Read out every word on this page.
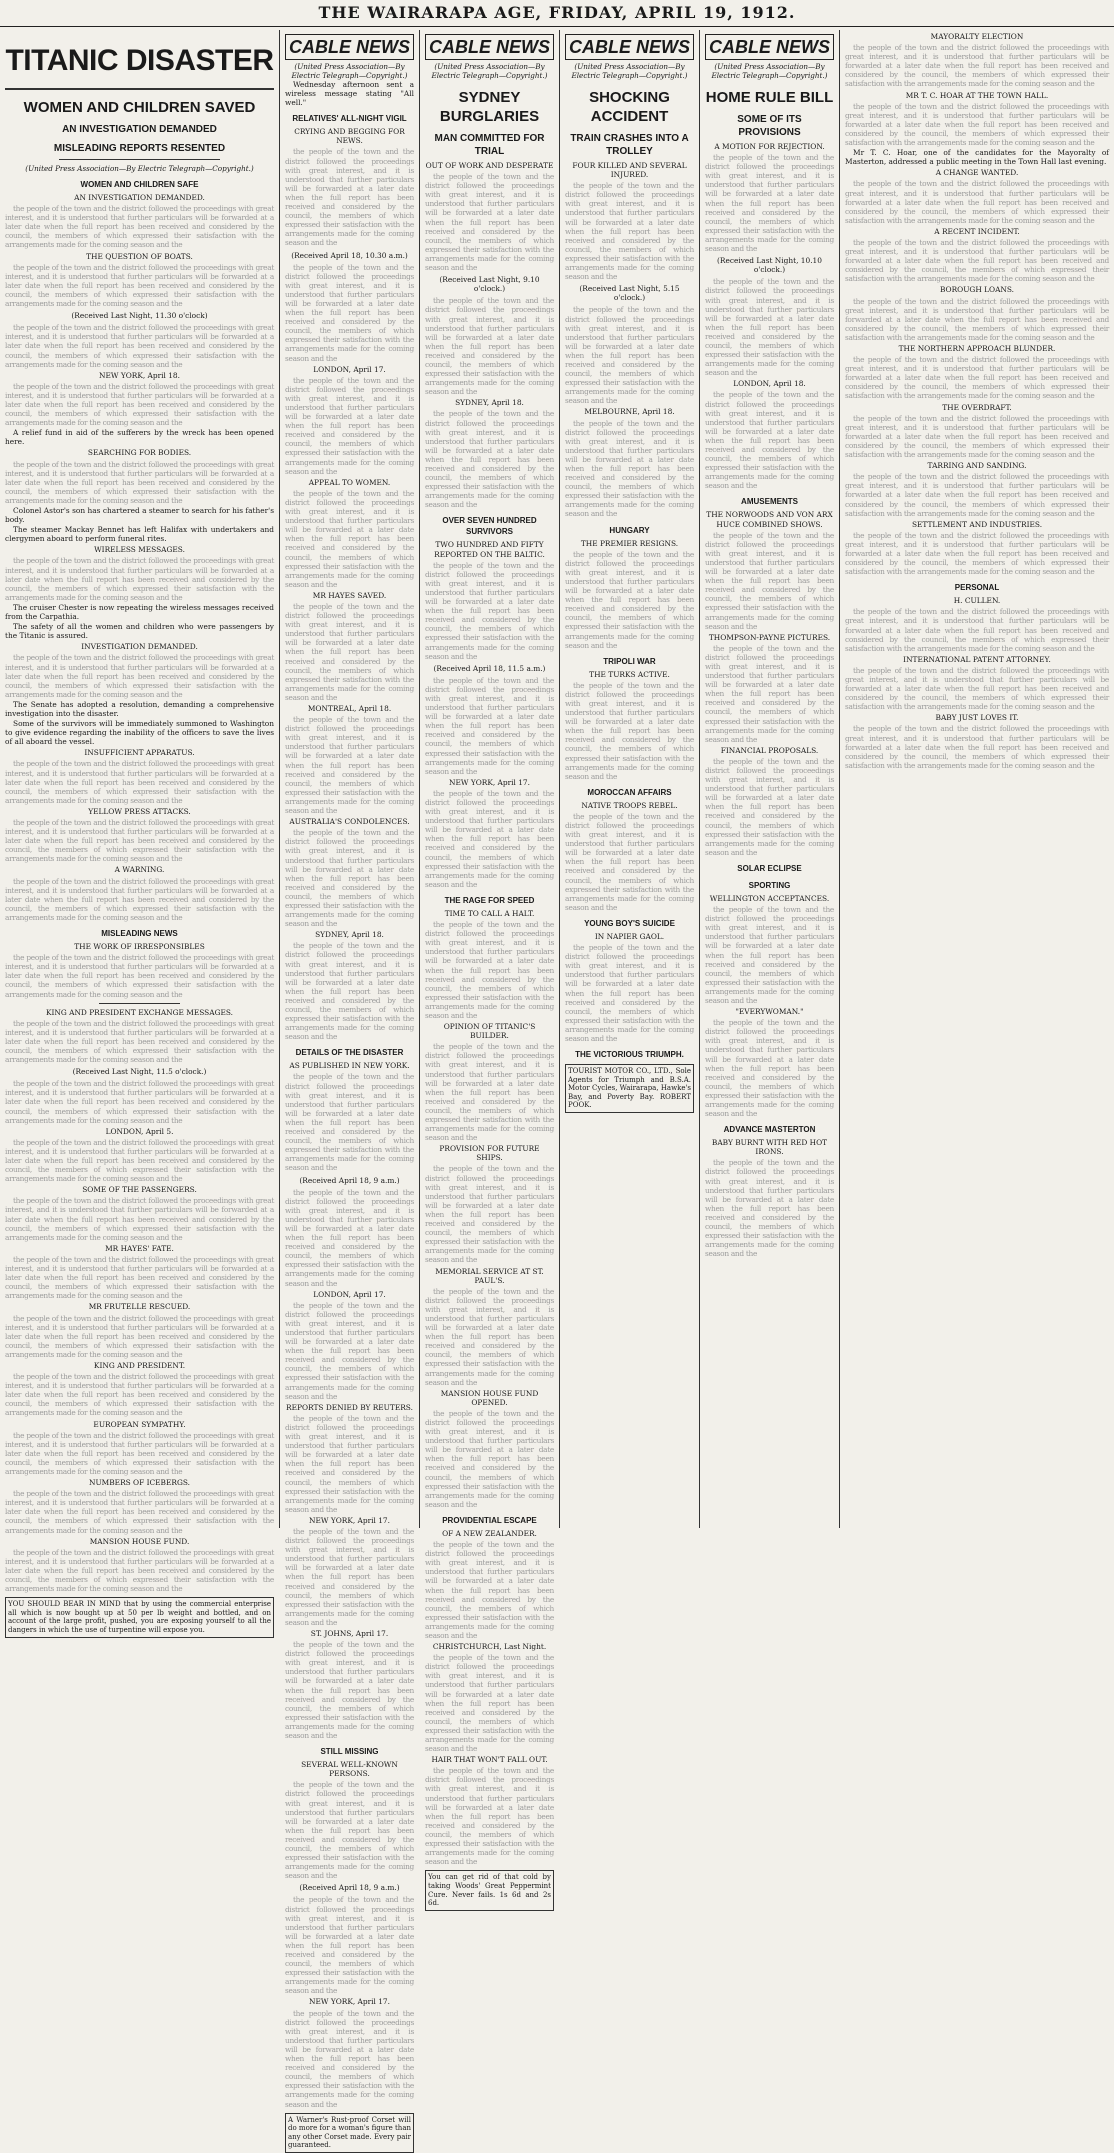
THE WAIRARAPA AGE, FRIDAY, APRIL 19, 1912.
TITANIC DISASTER
WOMEN AND CHILDREN SAVED
AN INVESTIGATION DEMANDED
MISLEADING REPORTS RESENTED
(United Press Association—By Electric Telegraph—Copyright.)
WOMEN AND CHILDREN SAFE
AN INVESTIGATION DEMANDED.

the people of the town and the district followed the proceedings with great interest, and it is understood that further particulars will be forwarded at a later date when the full report has been received and considered by the council, the members of which expressed their satisfaction with the arrangements made for the coming season and the

THE QUESTION OF BOATS.

the people of the town and the district followed the proceedings with great interest, and it is understood that further particulars will be forwarded at a later date when the full report has been received and considered by the council, the members of which expressed their satisfaction with the arrangements made for the coming season and the

(Received Last Night, 11.30 o'clock)

the people of the town and the district followed the proceedings with great interest, and it is understood that further particulars will be forwarded at a later date when the full report has been received and considered by the council, the members of which expressed their satisfaction with the arrangements made for the coming season and the

NEW YORK, April 18.

the people of the town and the district followed the proceedings with great interest, and it is understood that further particulars will be forwarded at a later date when the full report has been received and considered by the council, the members of which expressed their satisfaction with the arrangements made for the coming season and the

A relief fund in aid of the sufferers by the wreck has been opened here.

SEARCHING FOR BODIES.

the people of the town and the district followed the proceedings with great interest, and it is understood that further particulars will be forwarded at a later date when the full report has been received and considered by the council, the members of which expressed their satisfaction with the arrangements made for the coming season and the

Colonel Astor's son has chartered a steamer to search for his father's body.

The steamer Mackay Bennet has left Halifax with undertakers and clergymen aboard to perform funeral rites.

WIRELESS MESSAGES.

the people of the town and the district followed the proceedings with great interest, and it is understood that further particulars will be forwarded at a later date when the full report has been received and considered by the council, the members of which expressed their satisfaction with the arrangements made for the coming season and the

The cruiser Chester is now repeating the wireless messages received from the Carpathia.

The safety of all the women and children who were passengers by the Titanic is assured.

INVESTIGATION DEMANDED.

the people of the town and the district followed the proceedings with great interest, and it is understood that further particulars will be forwarded at a later date when the full report has been received and considered by the council, the members of which expressed their satisfaction with the arrangements made for the coming season and the

The Senate has adopted a resolution, demanding a comprehensive investigation into the disaster.

Some of the survivors will be immediately summoned to Washington to give evidence regarding the inability of the officers to save the lives of all aboard the vessel.

INSUFFICIENT APPARATUS.

the people of the town and the district followed the proceedings with great interest, and it is understood that further particulars will be forwarded at a later date when the full report has been received and considered by the council, the members of which expressed their satisfaction with the arrangements made for the coming season and the

YELLOW PRESS ATTACKS.

the people of the town and the district followed the proceedings with great interest, and it is understood that further particulars will be forwarded at a later date when the full report has been received and considered by the council, the members of which expressed their satisfaction with the arrangements made for the coming season and the

A WARNING.

the people of the town and the district followed the proceedings with great interest, and it is understood that further particulars will be forwarded at a later date when the full report has been received and considered by the council, the members of which expressed their satisfaction with the arrangements made for the coming season and the

MISLEADING NEWS
THE WORK OF IRRESPONSIBLES

the people of the town and the district followed the proceedings with great interest, and it is understood that further particulars will be forwarded at a later date when the full report has been received and considered by the council, the members of which expressed their satisfaction with the arrangements made for the coming season and the

KING AND PRESIDENT EXCHANGE MESSAGES.

the people of the town and the district followed the proceedings with great interest, and it is understood that further particulars will be forwarded at a later date when the full report has been received and considered by the council, the members of which expressed their satisfaction with the arrangements made for the coming season and the

(Received Last Night, 11.5 o'clock.)

the people of the town and the district followed the proceedings with great interest, and it is understood that further particulars will be forwarded at a later date when the full report has been received and considered by the council, the members of which expressed their satisfaction with the arrangements made for the coming season and the

LONDON, April 5.

the people of the town and the district followed the proceedings with great interest, and it is understood that further particulars will be forwarded at a later date when the full report has been received and considered by the council, the members of which expressed their satisfaction with the arrangements made for the coming season and the

SOME OF THE PASSENGERS.

the people of the town and the district followed the proceedings with great interest, and it is understood that further particulars will be forwarded at a later date when the full report has been received and considered by the council, the members of which expressed their satisfaction with the arrangements made for the coming season and the

MR HAYES' FATE.

the people of the town and the district followed the proceedings with great interest, and it is understood that further particulars will be forwarded at a later date when the full report has been received and considered by the council, the members of which expressed their satisfaction with the arrangements made for the coming season and the

MR FRUTELLE RESCUED.

the people of the town and the district followed the proceedings with great interest, and it is understood that further particulars will be forwarded at a later date when the full report has been received and considered by the council, the members of which expressed their satisfaction with the arrangements made for the coming season and the

KING AND PRESIDENT.

the people of the town and the district followed the proceedings with great interest, and it is understood that further particulars will be forwarded at a later date when the full report has been received and considered by the council, the members of which expressed their satisfaction with the arrangements made for the coming season and the

EUROPEAN SYMPATHY.

the people of the town and the district followed the proceedings with great interest, and it is understood that further particulars will be forwarded at a later date when the full report has been received and considered by the council, the members of which expressed their satisfaction with the arrangements made for the coming season and the

NUMBERS OF ICEBERGS.

the people of the town and the district followed the proceedings with great interest, and it is understood that further particulars will be forwarded at a later date when the full report has been received and considered by the council, the members of which expressed their satisfaction with the arrangements made for the coming season and the

MANSION HOUSE FUND.

the people of the town and the district followed the proceedings with great interest, and it is understood that further particulars will be forwarded at a later date when the full report has been received and considered by the council, the members of which expressed their satisfaction with the arrangements made for the coming season and the

YOU SHOULD BEAR IN MIND that by using the commercial enterprise all which is now bought up at 50 per lb weight and bottled, and on account of the large profit, pushed, you are exposing yourself to all the dangers in which the use of turpentine will expose you.
CABLE NEWS
(United Press Association—By Electric Telegraph—Copyright.)

Wednesday afternoon sent a wireless message stating "All well."

RELATIVES' ALL-NIGHT VIGIL
CRYING AND BEGGING FOR NEWS.

the people of the town and the district followed the proceedings with great interest, and it is understood that further particulars will be forwarded at a later date when the full report has been received and considered by the council, the members of which expressed their satisfaction with the arrangements made for the coming season and the

(Received April 18, 10.30 a.m.)

the people of the town and the district followed the proceedings with great interest, and it is understood that further particulars will be forwarded at a later date when the full report has been received and considered by the council, the members of which expressed their satisfaction with the arrangements made for the coming season and the

LONDON, April 17.

the people of the town and the district followed the proceedings with great interest, and it is understood that further particulars will be forwarded at a later date when the full report has been received and considered by the council, the members of which expressed their satisfaction with the arrangements made for the coming season and the

APPEAL TO WOMEN.

the people of the town and the district followed the proceedings with great interest, and it is understood that further particulars will be forwarded at a later date when the full report has been received and considered by the council, the members of which expressed their satisfaction with the arrangements made for the coming season and the

MR HAYES SAVED.

the people of the town and the district followed the proceedings with great interest, and it is understood that further particulars will be forwarded at a later date when the full report has been received and considered by the council, the members of which expressed their satisfaction with the arrangements made for the coming season and the

MONTREAL, April 18.

the people of the town and the district followed the proceedings with great interest, and it is understood that further particulars will be forwarded at a later date when the full report has been received and considered by the council, the members of which expressed their satisfaction with the arrangements made for the coming season and the

AUSTRALIA'S CONDOLENCES.

the people of the town and the district followed the proceedings with great interest, and it is understood that further particulars will be forwarded at a later date when the full report has been received and considered by the council, the members of which expressed their satisfaction with the arrangements made for the coming season and the

SYDNEY, April 18.

the people of the town and the district followed the proceedings with great interest, and it is understood that further particulars will be forwarded at a later date when the full report has been received and considered by the council, the members of which expressed their satisfaction with the arrangements made for the coming season and the

DETAILS OF THE DISASTER
AS PUBLISHED IN NEW YORK.

the people of the town and the district followed the proceedings with great interest, and it is understood that further particulars will be forwarded at a later date when the full report has been received and considered by the council, the members of which expressed their satisfaction with the arrangements made for the coming season and the

(Received April 18, 9 a.m.)

the people of the town and the district followed the proceedings with great interest, and it is understood that further particulars will be forwarded at a later date when the full report has been received and considered by the council, the members of which expressed their satisfaction with the arrangements made for the coming season and the

LONDON, April 17.

the people of the town and the district followed the proceedings with great interest, and it is understood that further particulars will be forwarded at a later date when the full report has been received and considered by the council, the members of which expressed their satisfaction with the arrangements made for the coming season and the

REPORTS DENIED BY REUTERS.

the people of the town and the district followed the proceedings with great interest, and it is understood that further particulars will be forwarded at a later date when the full report has been received and considered by the council, the members of which expressed their satisfaction with the arrangements made for the coming season and the

NEW YORK, April 17.

the people of the town and the district followed the proceedings with great interest, and it is understood that further particulars will be forwarded at a later date when the full report has been received and considered by the council, the members of which expressed their satisfaction with the arrangements made for the coming season and the

ST. JOHNS, April 17.

the people of the town and the district followed the proceedings with great interest, and it is understood that further particulars will be forwarded at a later date when the full report has been received and considered by the council, the members of which expressed their satisfaction with the arrangements made for the coming season and the

STILL MISSING
SEVERAL WELL-KNOWN PERSONS.

the people of the town and the district followed the proceedings with great interest, and it is understood that further particulars will be forwarded at a later date when the full report has been received and considered by the council, the members of which expressed their satisfaction with the arrangements made for the coming season and the

(Received April 18, 9 a.m.)

the people of the town and the district followed the proceedings with great interest, and it is understood that further particulars will be forwarded at a later date when the full report has been received and considered by the council, the members of which expressed their satisfaction with the arrangements made for the coming season and the

NEW YORK, April 17.

the people of the town and the district followed the proceedings with great interest, and it is understood that further particulars will be forwarded at a later date when the full report has been received and considered by the council, the members of which expressed their satisfaction with the arrangements made for the coming season and the

A Warner's Rust-proof Corset will do more for a woman's figure than any other Corset made. Every pair guaranteed.
CABLE NEWS
(United Press Association—By Electric Telegraph—Copyright.)
SYDNEY BURGLARIES
MAN COMMITTED FOR TRIAL
OUT OF WORK AND DESPERATE

the people of the town and the district followed the proceedings with great interest, and it is understood that further particulars will be forwarded at a later date when the full report has been received and considered by the council, the members of which expressed their satisfaction with the arrangements made for the coming season and the

(Received Last Night, 9.10 o'clock.)

the people of the town and the district followed the proceedings with great interest, and it is understood that further particulars will be forwarded at a later date when the full report has been received and considered by the council, the members of which expressed their satisfaction with the arrangements made for the coming season and the

SYDNEY, April 18.

the people of the town and the district followed the proceedings with great interest, and it is understood that further particulars will be forwarded at a later date when the full report has been received and considered by the council, the members of which expressed their satisfaction with the arrangements made for the coming season and the

OVER SEVEN HUNDRED SURVIVORS
TWO HUNDRED AND FIFTY REPORTED ON THE BALTIC.

the people of the town and the district followed the proceedings with great interest, and it is understood that further particulars will be forwarded at a later date when the full report has been received and considered by the council, the members of which expressed their satisfaction with the arrangements made for the coming season and the

(Received April 18, 11.5 a.m.)

the people of the town and the district followed the proceedings with great interest, and it is understood that further particulars will be forwarded at a later date when the full report has been received and considered by the council, the members of which expressed their satisfaction with the arrangements made for the coming season and the

NEW YORK, April 17.

the people of the town and the district followed the proceedings with great interest, and it is understood that further particulars will be forwarded at a later date when the full report has been received and considered by the council, the members of which expressed their satisfaction with the arrangements made for the coming season and the

THE RAGE FOR SPEED
TIME TO CALL A HALT.

the people of the town and the district followed the proceedings with great interest, and it is understood that further particulars will be forwarded at a later date when the full report has been received and considered by the council, the members of which expressed their satisfaction with the arrangements made for the coming season and the

OPINION OF TITANIC'S BUILDER.

the people of the town and the district followed the proceedings with great interest, and it is understood that further particulars will be forwarded at a later date when the full report has been received and considered by the council, the members of which expressed their satisfaction with the arrangements made for the coming season and the

PROVISION FOR FUTURE SHIPS.

the people of the town and the district followed the proceedings with great interest, and it is understood that further particulars will be forwarded at a later date when the full report has been received and considered by the council, the members of which expressed their satisfaction with the arrangements made for the coming season and the

MEMORIAL SERVICE AT ST. PAUL'S.

the people of the town and the district followed the proceedings with great interest, and it is understood that further particulars will be forwarded at a later date when the full report has been received and considered by the council, the members of which expressed their satisfaction with the arrangements made for the coming season and the

MANSION HOUSE FUND OPENED.

the people of the town and the district followed the proceedings with great interest, and it is understood that further particulars will be forwarded at a later date when the full report has been received and considered by the council, the members of which expressed their satisfaction with the arrangements made for the coming season and the

PROVIDENTIAL ESCAPE
OF A NEW ZEALANDER.

the people of the town and the district followed the proceedings with great interest, and it is understood that further particulars will be forwarded at a later date when the full report has been received and considered by the council, the members of which expressed their satisfaction with the arrangements made for the coming season and the

CHRISTCHURCH, Last Night.

the people of the town and the district followed the proceedings with great interest, and it is understood that further particulars will be forwarded at a later date when the full report has been received and considered by the council, the members of which expressed their satisfaction with the arrangements made for the coming season and the

HAIR THAT WON'T FALL OUT.

the people of the town and the district followed the proceedings with great interest, and it is understood that further particulars will be forwarded at a later date when the full report has been received and considered by the council, the members of which expressed their satisfaction with the arrangements made for the coming season and the

You can get rid of that cold by taking Woods' Great Peppermint Cure. Never fails. 1s 6d and 2s 6d.
CABLE NEWS
(United Press Association—By Electric Telegraph—Copyright.)
SHOCKING ACCIDENT
TRAIN CRASHES INTO A TROLLEY
FOUR KILLED AND SEVERAL INJURED.

the people of the town and the district followed the proceedings with great interest, and it is understood that further particulars will be forwarded at a later date when the full report has been received and considered by the council, the members of which expressed their satisfaction with the arrangements made for the coming season and the

(Received Last Night, 5.15 o'clock.)

the people of the town and the district followed the proceedings with great interest, and it is understood that further particulars will be forwarded at a later date when the full report has been received and considered by the council, the members of which expressed their satisfaction with the arrangements made for the coming season and the

MELBOURNE, April 18.

the people of the town and the district followed the proceedings with great interest, and it is understood that further particulars will be forwarded at a later date when the full report has been received and considered by the council, the members of which expressed their satisfaction with the arrangements made for the coming season and the

HUNGARY
THE PREMIER RESIGNS.

the people of the town and the district followed the proceedings with great interest, and it is understood that further particulars will be forwarded at a later date when the full report has been received and considered by the council, the members of which expressed their satisfaction with the arrangements made for the coming season and the

TRIPOLI WAR
THE TURKS ACTIVE.

the people of the town and the district followed the proceedings with great interest, and it is understood that further particulars will be forwarded at a later date when the full report has been received and considered by the council, the members of which expressed their satisfaction with the arrangements made for the coming season and the

MOROCCAN AFFAIRS
NATIVE TROOPS REBEL.

the people of the town and the district followed the proceedings with great interest, and it is understood that further particulars will be forwarded at a later date when the full report has been received and considered by the council, the members of which expressed their satisfaction with the arrangements made for the coming season and the

YOUNG BOY'S SUICIDE
IN NAPIER GAOL.

the people of the town and the district followed the proceedings with great interest, and it is understood that further particulars will be forwarded at a later date when the full report has been received and considered by the council, the members of which expressed their satisfaction with the arrangements made for the coming season and the

THE VICTORIOUS TRIUMPH.
TOURIST MOTOR CO., LTD., Sole Agents for Triumph and B.S.A. Motor Cycles, Wairarapa, Hawke's Bay, and Poverty Bay. ROBERT POOK.
CABLE NEWS
(United Press Association—By Electric Telegraph—Copyright.)
HOME RULE BILL
SOME OF ITS PROVISIONS
A MOTION FOR REJECTION.

the people of the town and the district followed the proceedings with great interest, and it is understood that further particulars will be forwarded at a later date when the full report has been received and considered by the council, the members of which expressed their satisfaction with the arrangements made for the coming season and the

(Received Last Night, 10.10 o'clock.)

the people of the town and the district followed the proceedings with great interest, and it is understood that further particulars will be forwarded at a later date when the full report has been received and considered by the council, the members of which expressed their satisfaction with the arrangements made for the coming season and the

LONDON, April 18.

the people of the town and the district followed the proceedings with great interest, and it is understood that further particulars will be forwarded at a later date when the full report has been received and considered by the council, the members of which expressed their satisfaction with the arrangements made for the coming season and the

AMUSEMENTS
THE NORWOODS AND VON ARX HUCE COMBINED SHOWS.

the people of the town and the district followed the proceedings with great interest, and it is understood that further particulars will be forwarded at a later date when the full report has been received and considered by the council, the members of which expressed their satisfaction with the arrangements made for the coming season and the

THOMPSON-PAYNE PICTURES.

the people of the town and the district followed the proceedings with great interest, and it is understood that further particulars will be forwarded at a later date when the full report has been received and considered by the council, the members of which expressed their satisfaction with the arrangements made for the coming season and the

FINANCIAL PROPOSALS.

the people of the town and the district followed the proceedings with great interest, and it is understood that further particulars will be forwarded at a later date when the full report has been received and considered by the council, the members of which expressed their satisfaction with the arrangements made for the coming season and the

SOLAR ECLIPSE
SPORTING
WELLINGTON ACCEPTANCES.

the people of the town and the district followed the proceedings with great interest, and it is understood that further particulars will be forwarded at a later date when the full report has been received and considered by the council, the members of which expressed their satisfaction with the arrangements made for the coming season and the

"EVERYWOMAN."

the people of the town and the district followed the proceedings with great interest, and it is understood that further particulars will be forwarded at a later date when the full report has been received and considered by the council, the members of which expressed their satisfaction with the arrangements made for the coming season and the

ADVANCE MASTERTON
BABY BURNT WITH RED HOT IRONS.

the people of the town and the district followed the proceedings with great interest, and it is understood that further particulars will be forwarded at a later date when the full report has been received and considered by the council, the members of which expressed their satisfaction with the arrangements made for the coming season and the

MAYORALTY ELECTION

the people of the town and the district followed the proceedings with great interest, and it is understood that further particulars will be forwarded at a later date when the full report has been received and considered by the council, the members of which expressed their satisfaction with the arrangements made for the coming season and the

MR T. C. HOAR AT THE TOWN HALL.

the people of the town and the district followed the proceedings with great interest, and it is understood that further particulars will be forwarded at a later date when the full report has been received and considered by the council, the members of which expressed their satisfaction with the arrangements made for the coming season and the

Mr T. C. Hoar, one of the candidates for the Mayoralty of Masterton, addressed a public meeting in the Town Hall last evening.

A CHANGE WANTED.

the people of the town and the district followed the proceedings with great interest, and it is understood that further particulars will be forwarded at a later date when the full report has been received and considered by the council, the members of which expressed their satisfaction with the arrangements made for the coming season and the

A RECENT INCIDENT.

the people of the town and the district followed the proceedings with great interest, and it is understood that further particulars will be forwarded at a later date when the full report has been received and considered by the council, the members of which expressed their satisfaction with the arrangements made for the coming season and the

BOROUGH LOANS.

the people of the town and the district followed the proceedings with great interest, and it is understood that further particulars will be forwarded at a later date when the full report has been received and considered by the council, the members of which expressed their satisfaction with the arrangements made for the coming season and the

THE NORTHERN APPROACH BLUNDER.

the people of the town and the district followed the proceedings with great interest, and it is understood that further particulars will be forwarded at a later date when the full report has been received and considered by the council, the members of which expressed their satisfaction with the arrangements made for the coming season and the

THE OVERDRAFT.

the people of the town and the district followed the proceedings with great interest, and it is understood that further particulars will be forwarded at a later date when the full report has been received and considered by the council, the members of which expressed their satisfaction with the arrangements made for the coming season and the

TARRING AND SANDING.

the people of the town and the district followed the proceedings with great interest, and it is understood that further particulars will be forwarded at a later date when the full report has been received and considered by the council, the members of which expressed their satisfaction with the arrangements made for the coming season and the

SETTLEMENT AND INDUSTRIES.

the people of the town and the district followed the proceedings with great interest, and it is understood that further particulars will be forwarded at a later date when the full report has been received and considered by the council, the members of which expressed their satisfaction with the arrangements made for the coming season and the

PERSONAL
H. CULLEN.

the people of the town and the district followed the proceedings with great interest, and it is understood that further particulars will be forwarded at a later date when the full report has been received and considered by the council, the members of which expressed their satisfaction with the arrangements made for the coming season and the

INTERNATIONAL PATENT ATTORNEY.

the people of the town and the district followed the proceedings with great interest, and it is understood that further particulars will be forwarded at a later date when the full report has been received and considered by the council, the members of which expressed their satisfaction with the arrangements made for the coming season and the

BABY JUST LOVES IT.

the people of the town and the district followed the proceedings with great interest, and it is understood that further particulars will be forwarded at a later date when the full report has been received and considered by the council, the members of which expressed their satisfaction with the arrangements made for the coming season and the
